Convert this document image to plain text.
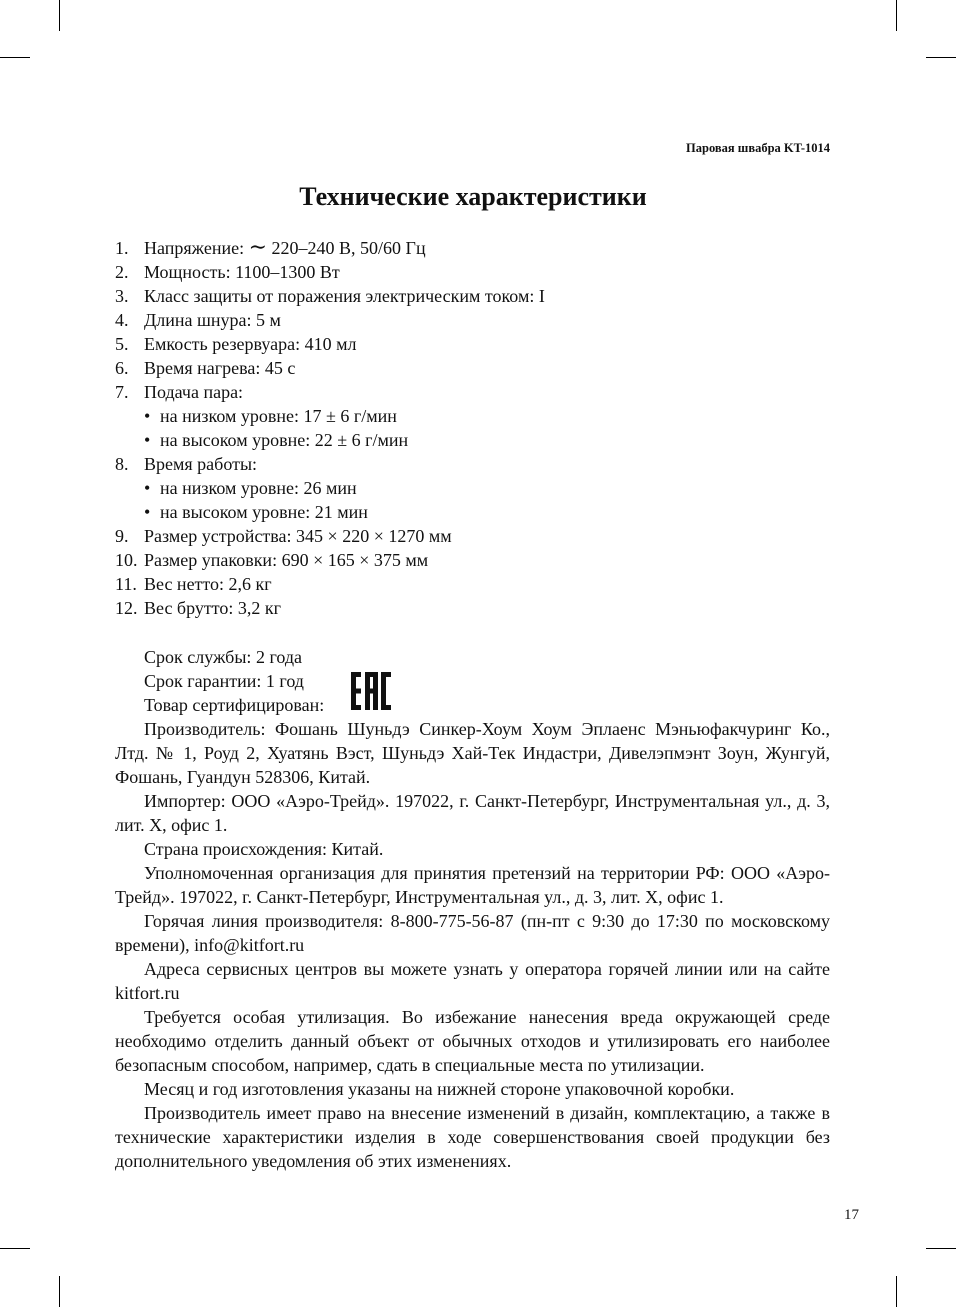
Паровая швабра KT-1014
Технические характеристики
1. Напряжение: ∼ 220–240 В, 50/60 Гц
2. Мощность: 1100–1300 Вт
3. Класс защиты от поражения электрическим током: I
4. Длина шнура: 5 м
5. Емкость резервуара: 410 мл
6. Время нагрева: 45 с
7. Подача пара:
• на низком уровне: 17 ± 6 г/мин
• на высоком уровне: 22 ± 6 г/мин
8. Время работы:
• на низком уровне: 26 мин
• на высоком уровне: 21 мин
9. Размер устройства: 345 × 220 × 1270 мм
10. Размер упаковки: 690 × 165 × 375 мм
11. Вес нетто: 2,6 кг
12. Вес брутто: 3,2 кг

Срок службы: 2 года

Срок гарантии: 1 год

Товар сертифицирован:

Производитель: Фошань Шуньдэ Синкер-Хоум Хоум Эплаенс Мэньюфакчуринг Ко., Лтд. № 1, Роуд 2, Хуатянь Вэст, Шуньдэ Хай-Тек Индастри, Дивелэпмэнт Зоун, Жунгуй, Фошань, Гуандун 528306, Китай.

Импортер: ООО «Аэро-Трейд». 197022, г. Санкт-Петербург, Инструментальная ул., д. 3, лит. Х, офис 1.

Страна происхождения: Китай.

Уполномоченная организация для принятия претензий на территории РФ: ООО «Аэро-Трейд». 197022, г. Санкт-Петербург, Инструментальная ул., д. 3, лит. Х, офис 1.

Горячая линия производителя: 8-800-775-56-87 (пн-пт с 9:30 до 17:30 по московскому времени), info@kitfort.ru

Адреса сервисных центров вы можете узнать у оператора горячей линии или на сайте kitfort.ru

Требуется особая утилизация. Во избежание нанесения вреда окружающей среде необходимо отделить данный объект от обычных отходов и утилизировать его наиболее безопасным способом, например, сдать в специальные места по утилизации.

Месяц и год изготовления указаны на нижней стороне упаковочной коробки.

Производитель имеет право на внесение изменений в дизайн, комплектацию, а также в технические характеристики изделия в ходе совершенствования своей продукции без дополнительного уведомления об этих изменениях.

17
